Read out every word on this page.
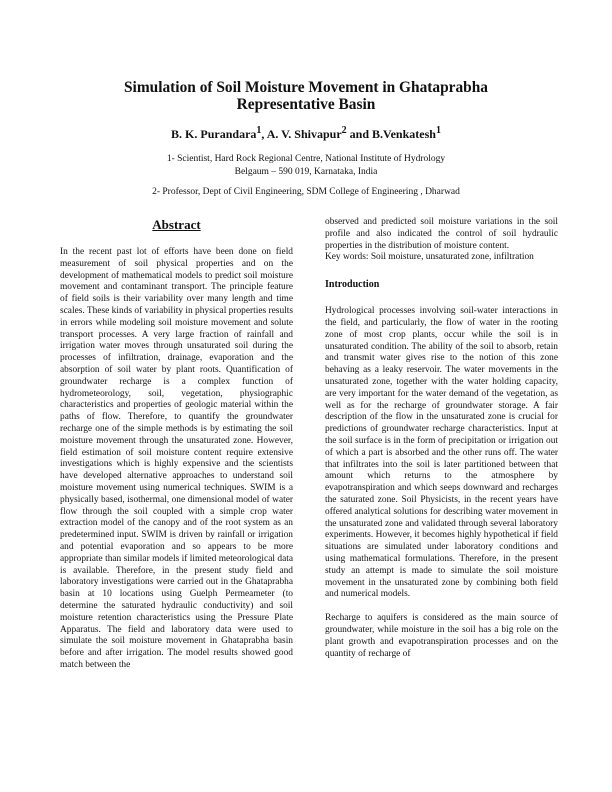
Simulation of Soil Moisture Movement in Ghataprabha
Representative Basin
B. K. Purandara$^1$, A. V. Shivapur$^2$ and B.Venkatesh$^1$
1- Scientist, Hard Rock Regional Centre, National Institute of Hydrology
Belgaum – 590 019, Karnataka, India
2- Professor, Dept of Civil Engineering, SDM College of Engineering , Dharwad
Abstract

In the recent past lot of efforts have been done on field measurement of soil physical properties and on the development of mathematical models to predict soil moisture movement and contaminant transport. The principle feature of field soils is their variability over many length and time scales. These kinds of variability in physical properties results in errors while modeling soil moisture movement and solute transport processes. A very large fraction of rainfall and irrigation water moves through unsaturated soil during the processes of infiltration, drainage, evaporation and the absorption of soil water by plant roots. Quantification of groundwater recharge is a complex function of hydrometeorology, soil, vegetation, physiographic characteristics and properties of geologic material within the paths of flow. Therefore, to quantify the groundwater recharge one of the simple methods is by estimating the soil moisture movement through the unsaturated zone. However, field estimation of soil moisture content require extensive investigations which is highly expensive and the scientists have developed alternative approaches to understand soil moisture movement using numerical techniques. SWIM is a physically based, isothermal, one dimensional model of water flow through the soil coupled with a simple crop water extraction model of the canopy and of the root system as an predetermined input. SWIM is driven by rainfall or irrigation and potential evaporation and so appears to be more appropriate than similar models if limited meteorological data is available. Therefore, in the present study field and laboratory investigations were carried out in the Ghataprabha basin at 10 locations using Guelph Permeameter (to determine the saturated hydraulic conductivity) and soil moisture retention characteristics using the Pressure Plate Apparatus. The field and laboratory data were used to simulate the soil moisture movement in Ghataprabha basin before and after irrigation. The model results showed good match between the

observed and predicted soil moisture variations in the soil profile and also indicated the control of soil hydraulic properties in the distribution of moisture content.

Key words: Soil moisture, unsaturated zone, infiltration

Introduction

Hydrological processes involving soil-water interactions in the field, and particularly, the flow of water in the rooting zone of most crop plants, occur while the soil is in unsaturated condition. The ability of the soil to absorb, retain and transmit water gives rise to the notion of this zone behaving as a leaky reservoir. The water movements in the unsaturated zone, together with the water holding capacity, are very important for the water demand of the vegetation, as well as for the recharge of groundwater storage. A fair description of the flow in the unsaturated zone is crucial for predictions of groundwater recharge characteristics. Input at the soil surface is in the form of precipitation or irrigation out of which a part is absorbed and the other runs off. The water that infiltrates into the soil is later partitioned between that amount which returns to the atmosphere by evapotranspiration and which seeps downward and recharges the saturated zone. Soil Physicists, in the recent years have offered analytical solutions for describing water movement in the unsaturated zone and validated through several laboratory experiments. However, it becomes highly hypothetical if field situations are simulated under laboratory conditions and using mathematical formulations. Therefore, in the present study an attempt is made to simulate the soil moisture movement in the unsaturated zone by combining both field and numerical models.

Recharge to aquifers is considered as the main source of groundwater, while moisture in the soil has a big role on the plant growth and evapotranspiration processes and on the quantity of recharge of
